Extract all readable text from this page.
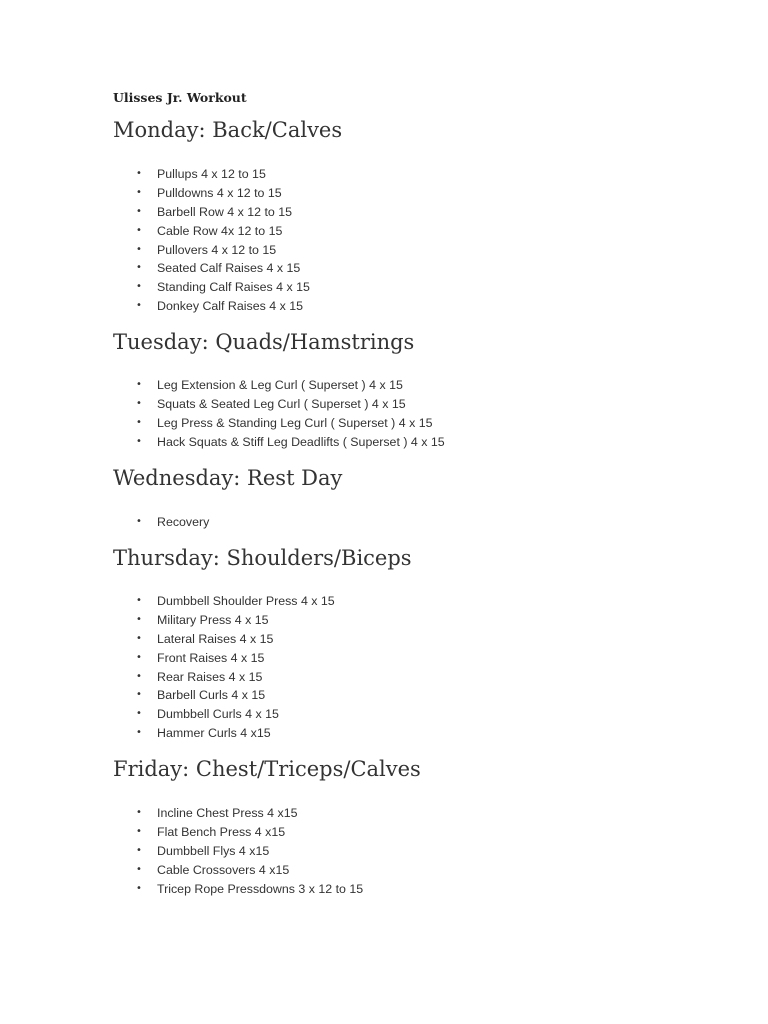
Ulisses Jr. Workout
Monday: Back/Calves
• Pullups 4 x 12 to 15
• Pulldowns 4 x 12 to 15
• Barbell Row 4 x 12 to 15
• Cable Row 4x 12 to 15
• Pullovers 4 x 12 to 15
• Seated Calf Raises 4 x 15
• Standing Calf Raises 4 x 15
• Donkey Calf Raises 4 x 15
Tuesday: Quads/Hamstrings
• Leg Extension & Leg Curl ( Superset ) 4 x 15
• Squats & Seated Leg Curl ( Superset ) 4 x 15
• Leg Press & Standing Leg Curl ( Superset ) 4 x 15
• Hack Squats & Stiff Leg Deadlifts ( Superset ) 4 x 15
Wednesday: Rest Day
• Recovery
Thursday: Shoulders/Biceps
• Dumbbell Shoulder Press 4 x 15
• Military Press 4 x 15
• Lateral Raises 4 x 15
• Front Raises 4 x 15
• Rear Raises 4 x 15
• Barbell Curls 4 x 15
• Dumbbell Curls 4 x 15
• Hammer Curls 4 x15
Friday: Chest/Triceps/Calves
• Incline Chest Press 4 x15
• Flat Bench Press 4 x15
• Dumbbell Flys 4 x15
• Cable Crossovers 4 x15
• Tricep Rope Pressdowns 3 x 12 to 15
